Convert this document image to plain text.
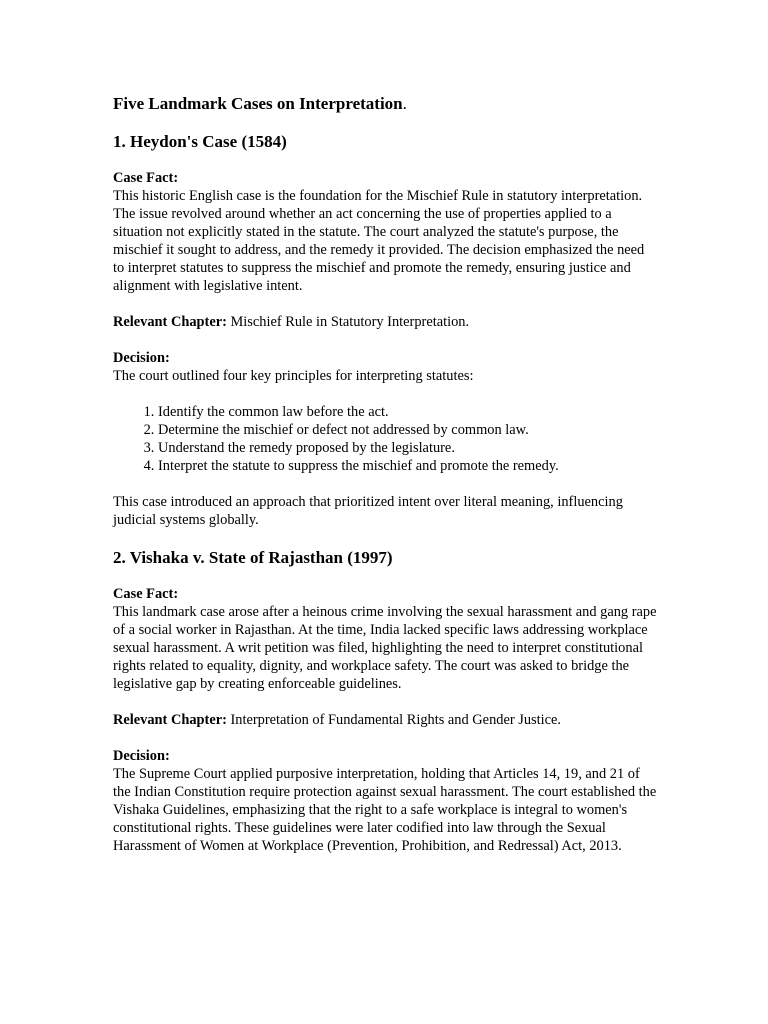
Five Landmark Cases on Interpretation.
1. Heydon's Case (1584)
Case Fact:

This historic English case is the foundation for the Mischief Rule in statutory interpretation. The issue revolved around whether an act concerning the use of properties applied to a situation not explicitly stated in the statute. The court analyzed the statute's purpose, the mischief it sought to address, and the remedy it provided. The decision emphasized the need to interpret statutes to suppress the mischief and promote the remedy, ensuring justice and alignment with legislative intent.

Relevant Chapter: Mischief Rule in Statutory Interpretation.

Decision:

The court outlined four key principles for interpreting statutes:

1. Identify the common law before the act.
2. Determine the mischief or defect not addressed by common law.
3. Understand the remedy proposed by the legislature.
4. Interpret the statute to suppress the mischief and promote the remedy.

This case introduced an approach that prioritized intent over literal meaning, influencing judicial systems globally.

2. Vishaka v. State of Rajasthan (1997)
Case Fact:

This landmark case arose after a heinous crime involving the sexual harassment and gang rape of a social worker in Rajasthan. At the time, India lacked specific laws addressing workplace sexual harassment. A writ petition was filed, highlighting the need to interpret constitutional rights related to equality, dignity, and workplace safety. The court was asked to bridge the legislative gap by creating enforceable guidelines.

Relevant Chapter: Interpretation of Fundamental Rights and Gender Justice.

Decision:

The Supreme Court applied purposive interpretation, holding that Articles 14, 19, and 21 of the Indian Constitution require protection against sexual harassment. The court established the Vishaka Guidelines, emphasizing that the right to a safe workplace is integral to women's constitutional rights. These guidelines were later codified into law through the Sexual Harassment of Women at Workplace (Prevention, Prohibition, and Redressal) Act, 2013.
